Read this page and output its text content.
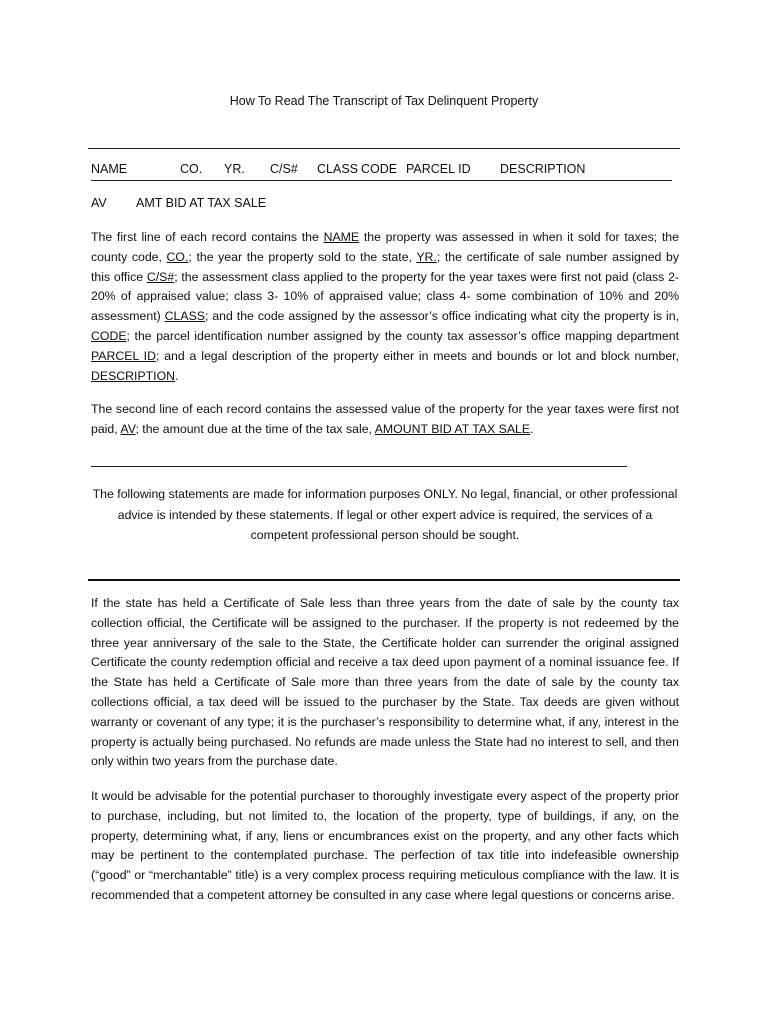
How To Read The Transcript of Tax Delinquent Property
NAME	CO. YR. C/S# CLASS CODE PARCEL ID DESCRIPTION
AV AMT BID AT TAX SALE

The first line of each record contains the NAME the property was assessed in when it sold for taxes; the county code, CO.; the year the property sold to the state, YR.; the certificate of sale number assigned by this office C/S#; the assessment class applied to the property for the year taxes were first not paid (class 2- 20% of appraised value; class 3- 10% of appraised value; class 4- some combination of 10% and 20% assessment) CLASS; and the code assigned by the assessor’s office indicating what city the property is in, CODE; the parcel identification number assigned by the county tax assessor’s office mapping department PARCEL ID; and a legal description of the property either in meets and bounds or lot and block number, DESCRIPTION.

The second line of each record contains the assessed value of the property for the year taxes were first not paid, AV; the amount due at the time of the tax sale, AMOUNT BID AT TAX SALE.

The following statements are made for information purposes ONLY. No legal, financial, or other professional advice is intended by these statements. If legal or other expert advice is required, the services of a competent professional person should be sought.

If the state has held a Certificate of Sale less than three years from the date of sale by the county tax collection official, the Certificate will be assigned to the purchaser. If the property is not redeemed by the three year anniversary of the sale to the State, the Certificate holder can surrender the original assigned Certificate the county redemption official and receive a tax deed upon payment of a nominal issuance fee. If the State has held a Certificate of Sale more than three years from the date of sale by the county tax collections official, a tax deed will be issued to the purchaser by the State. Tax deeds are given without warranty or covenant of any type; it is the purchaser’s responsibility to determine what, if any, interest in the property is actually being purchased. No refunds are made unless the State had no interest to sell, and then only within two years from the purchase date.

It would be advisable for the potential purchaser to thoroughly investigate every aspect of the property prior to purchase, including, but not limited to, the location of the property, type of buildings, if any, on the property, determining what, if any, liens or encumbrances exist on the property, and any other facts which may be pertinent to the contemplated purchase. The perfection of tax title into indefeasible ownership (“good” or “merchantable” title) is a very complex process requiring meticulous compliance with the law. It is recommended that a competent attorney be consulted in any case where legal questions or concerns arise.
